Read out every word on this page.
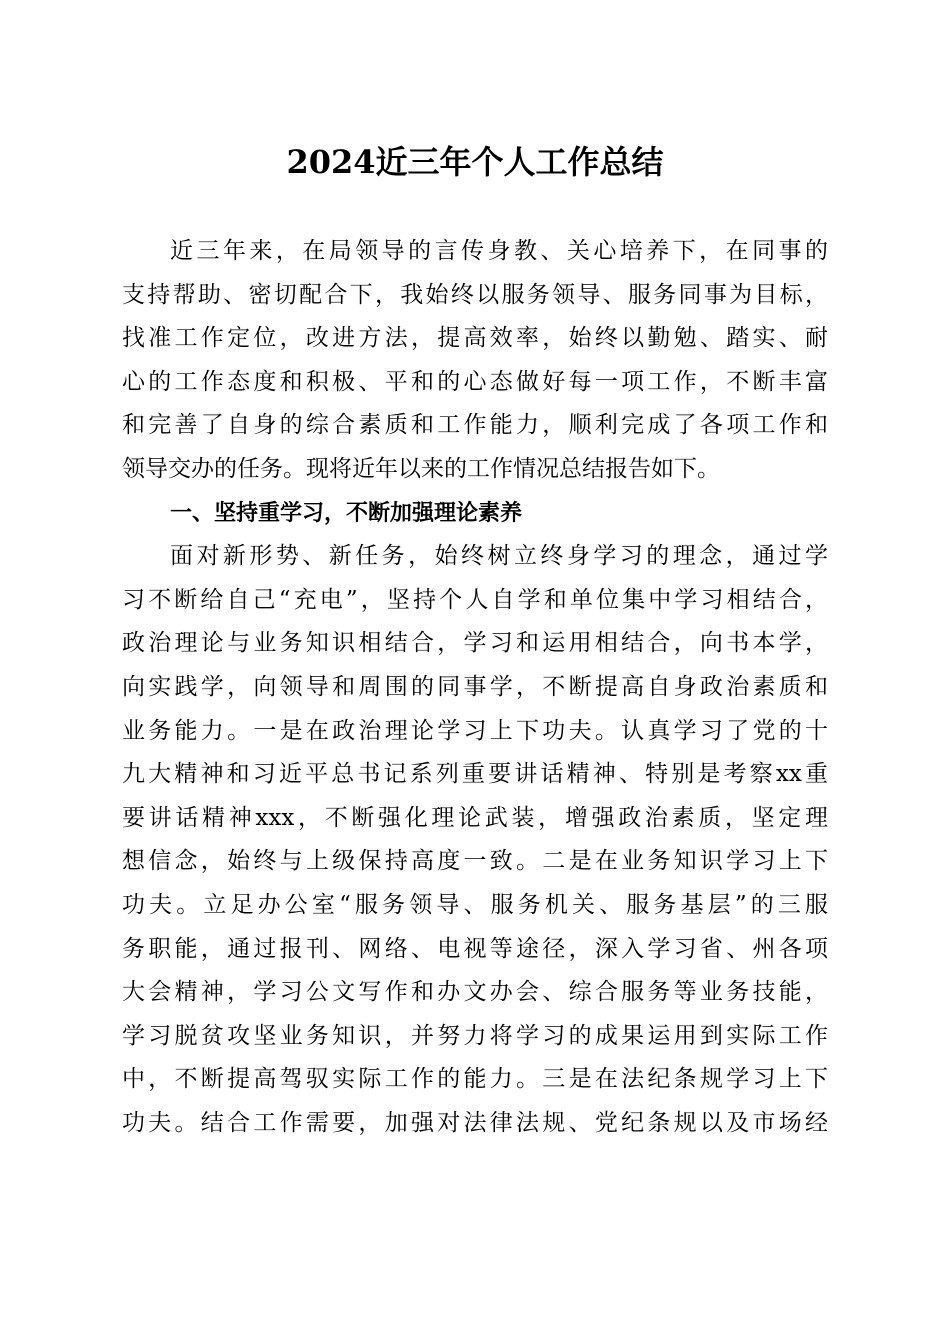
2024近三年个人工作总结
近三年来，在局领导的言传身教、关心培养下，在同事的
支持帮助、密切配合下，我始终以服务领导、服务同事为目标，
找准工作定位，改进方法，提高效率，始终以勤勉、踏实、耐
心的工作态度和积极、平和的心态做好每一项工作，不断丰富
和完善了自身的综合素质和工作能力，顺利完成了各项工作和
领导交办的任务。现将近年以来的工作情况总结报告如下。
一、坚持重学习，不断加强理论素养
面对新形势、新任务，始终树立终身学习的理念，通过学
习不断给自己“充电”，坚持个人自学和单位集中学习相结合，
政治理论与业务知识相结合，学习和运用相结合，向书本学，
向实践学，向领导和周围的同事学，不断提高自身政治素质和
业务能力。一是在政治理论学习上下功夫。认真学习了党的十
九大精神和习近平总书记系列重要讲话精神、特别是考察xx重
要讲话精神xxx，不断强化理论武装，增强政治素质，坚定理
想信念，始终与上级保持高度一致。二是在业务知识学习上下
功夫。立足办公室“服务领导、服务机关、服务基层”的三服
务职能，通过报刊、网络、电视等途径，深入学习省、州各项
大会精神，学习公文写作和办文办会、综合服务等业务技能，
学习脱贫攻坚业务知识，并努力将学习的成果运用到实际工作
中，不断提高驾驭实际工作的能力。三是在法纪条规学习上下
功夫。结合工作需要，加强对法律法规、党纪条规以及市场经
